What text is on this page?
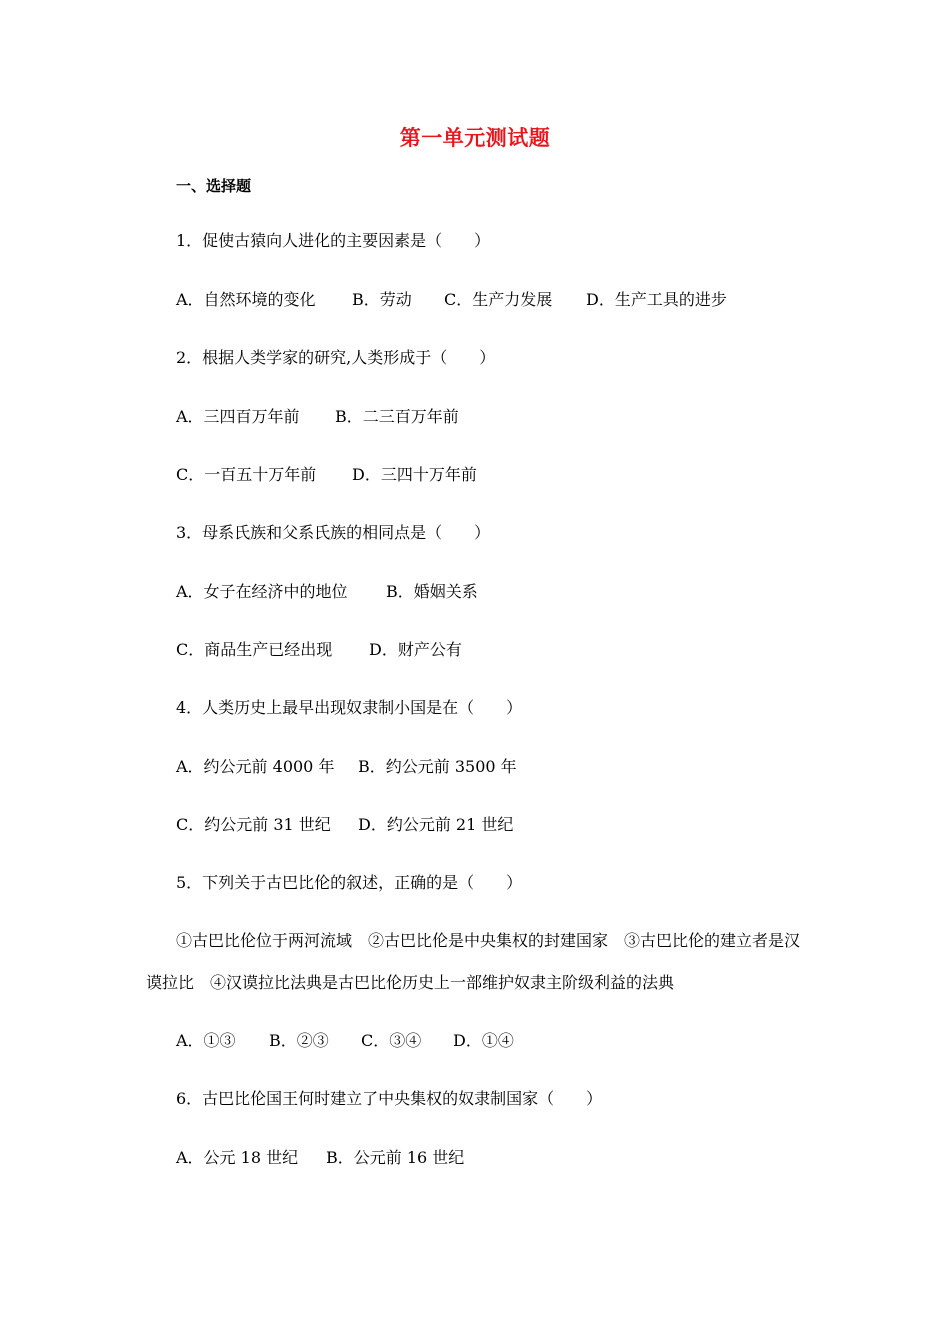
第一单元测试题
一、选择题
1．促使古猿向人进化的主要因素是（　　）
A．自然环境的变化 B．劳动 C．生产力发展 D．生产工具的进步
2．根据人类学家的研究,人类形成于（　　）
A．三四百万年前 B．二三百万年前
C．一百五十万年前 D．三四十万年前
3．母系氏族和父系氏族的相同点是（　　）
A．女子在经济中的地位 B．婚姻关系
C．商品生产已经出现 D．财产公有
4．人类历史上最早出现奴隶制小国是在（　　）
A．约公元前 4000 年 B．约公元前 3500 年
C．约公元前 31 世纪 D．约公元前 21 世纪
5．下列关于古巴比伦的叙述，正确的是（　　）
①古巴比伦位于两河流域　②古巴比伦是中央集权的封建国家　③古巴比伦的建立者是汉谟拉比　④汉谟拉比法典是古巴比伦历史上一部维护奴隶主阶级利益的法典
A．①③ B．②③ C．③④ D．①④
6．古巴比伦国王何时建立了中央集权的奴隶制国家（　　）
A．公元 18 世纪 B．公元前 16 世纪
